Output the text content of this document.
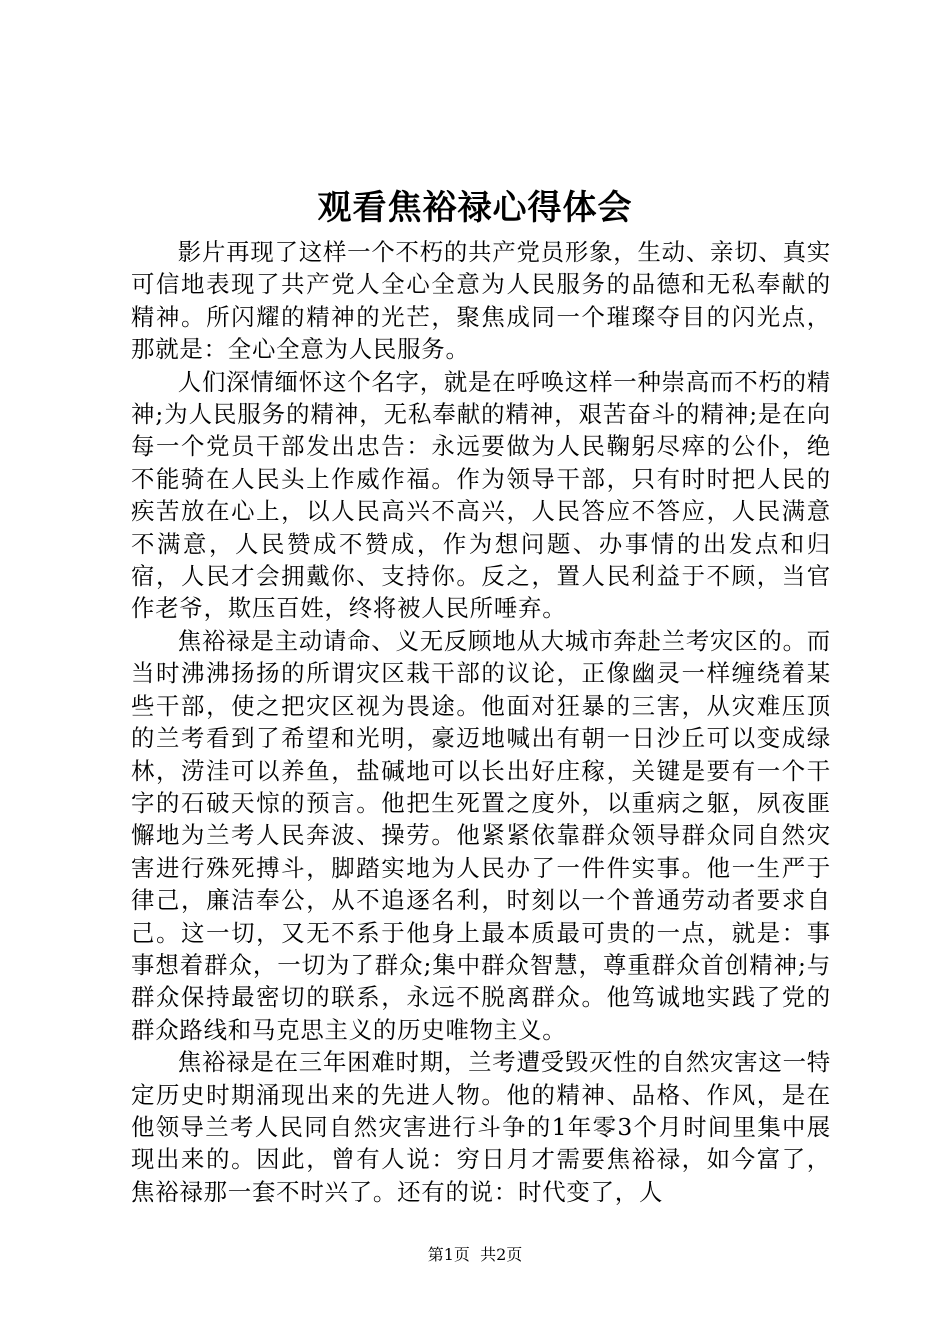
观看焦裕禄心得体会

影片再现了这样一个不朽的共产党员形象，生动、亲切、真实可信地表现了共产党人全心全意为人民服务的品德和无私奉献的精神。所闪耀的精神的光芒，聚焦成同一个璀璨夺目的闪光点，那就是：全心全意为人民服务。

人们深情缅怀这个名字，就是在呼唤这样一种崇高而不朽的精神;为人民服务的精神，无私奉献的精神，艰苦奋斗的精神;是在向每一个党员干部发出忠告：永远要做为人民鞠躬尽瘁的公仆，绝不能骑在人民头上作威作福。作为领导干部，只有时时把人民的疾苦放在心上，以人民高兴不高兴，人民答应不答应，人民满意不满意，人民赞成不赞成，作为想问题、办事情的出发点和归宿，人民才会拥戴你、支持你。反之，置人民利益于不顾，当官作老爷，欺压百姓，终将被人民所唾弃。

焦裕禄是主动请命、义无反顾地从大城市奔赴兰考灾区的。而当时沸沸扬扬的所谓灾区栽干部的议论，正像幽灵一样缠绕着某些干部，使之把灾区视为畏途。他面对狂暴的三害，从灾难压顶的兰考看到了希望和光明，豪迈地喊出有朝一日沙丘可以变成绿林，涝洼可以养鱼，盐碱地可以长出好庄稼，关键是要有一个干字的石破天惊的预言。他把生死置之度外，以重病之躯，夙夜匪懈地为兰考人民奔波、操劳。他紧紧依靠群众领导群众同自然灾害进行殊死搏斗，脚踏实地为人民办了一件件实事。他一生严于律己，廉洁奉公，从不追逐名利，时刻以一个普通劳动者要求自己。这一切，又无不系于他身上最本质最可贵的一点，就是：事事想着群众，一切为了群众;集中群众智慧，尊重群众首创精神;与群众保持最密切的联系，永远不脱离群众。他笃诚地实践了党的群众路线和马克思主义的历史唯物主义。

焦裕禄是在三年困难时期，兰考遭受毁灭性的自然灾害这一特定历史时期涌现出来的先进人物。他的精神、品格、作风，是在他领导兰考人民同自然灾害进行斗争的1年零3个月时间里集中展现出来的。因此，曾有人说：穷日月才需要焦裕禄，如今富了，焦裕禄那一套不时兴了。还有的说：时代变了，人

第1页  共2页
